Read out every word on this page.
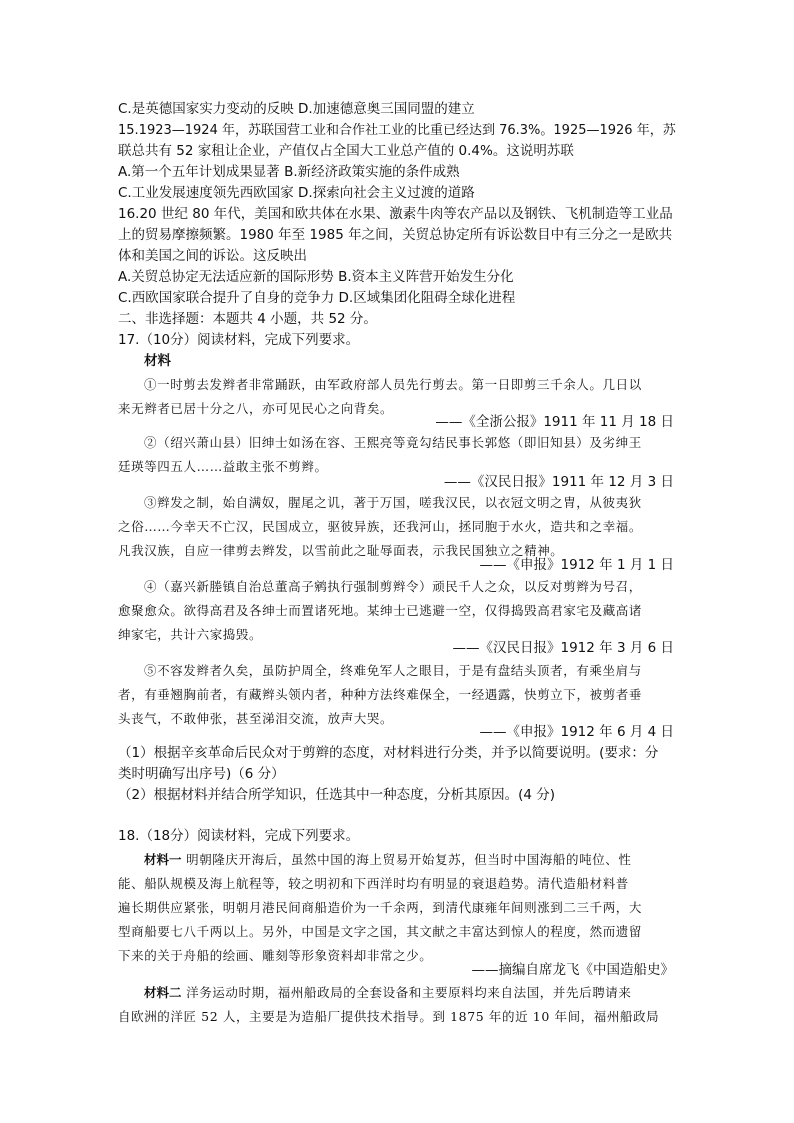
C.是英德国家实力变动的反映 D.加速德意奥三国同盟的建立
15.1923—1924 年，苏联国营工业和合作社工业的比重已经达到 76.3%。1925—1926 年，苏
联总共有 52 家租让企业，产值仅占全国大工业总产值的 0.4%。这说明苏联
A.第一个五年计划成果显著 B.新经济政策实施的条件成熟
C.工业发展速度领先西欧国家 D.探索向社会主义过渡的道路
16.20 世纪 80 年代，美国和欧共体在水果、激素牛肉等农产品以及钢铁、飞机制造等工业品
上的贸易摩擦频繁。1980 年至 1985 年之间，关贸总协定所有诉讼数目中有三分之一是欧共
体和美国之间的诉讼。这反映出
A.关贸总协定无法适应新的国际形势 B.资本主义阵营开始发生分化
C.西欧国家联合提升了自身的竞争力 D.区域集团化阻碍全球化进程
二、非选择题：本题共 4 小题，共 52 分。
17.（10分）阅读材料，完成下列要求。
材料
①一时剪去发辫者非常踊跃，由军政府部人员先行剪去。第一日即剪三千余人。几日以
来无辫者已居十分之八，亦可见民心之向背矣。
——《全浙公报》1911 年 11 月 18 日
②（绍兴萧山县）旧绅士如汤在容、王熙亮等竟勾结民事长郭悠（即旧知县）及劣绅王
廷瑛等四五人……益敢主张不剪辫。
——《汉民日报》1911 年 12 月 3 日
③辫发之制，始自满奴，腥尾之讥，著于万国，嗟我汉民，以衣冠文明之胄，从彼夷狄
之俗……今幸天不亡汉，民国成立，驱彼异族，还我河山，拯同胞于水火，造共和之幸福。
凡我汉族，自应一律剪去辫发，以雪前此之耻辱面表，示我民国独立之精神。
——《申报》1912 年 1 月 1 日
④（嘉兴新塍镇自治总董高子鹓执行强制剪辫令）顽民千人之众，以反对剪辫为号召，
愈聚愈众。欲得高君及各绅士而置诸死地。某绅士已逃避一空，仅得捣毁高君家宅及藏高诸
绅家宅，共计六家捣毁。
——《汉民日报》1912 年 3 月 6 日
⑤不容发辫者久矣，虽防护周全，终难免军人之眼目，于是有盘结头顶者，有乘坐肩与
者，有垂翘胸前者，有藏辫头领内者，种种方法终难保全，一经遇露，快剪立下，被剪者垂
头丧气，不敢伸张，甚至涕泪交流，放声大哭。
——《申报》1912 年 6 月 4 日
（1）根据辛亥革命后民众对于剪辫的态度，对材料进行分类，并予以简要说明。(要求：分
类时明确写出序号)（6 分）
（2）根据材料并结合所学知识，任选其中一种态度，分析其原因。(4 分)
18.（18分）阅读材料，完成下列要求。
材料一 明朝隆庆开海后，虽然中国的海上贸易开始复苏，但当时中国海船的吨位、性
能、船队规模及海上航程等，较之明初和下西洋时均有明显的衰退趋势。清代造船材料普
遍长期供应紧张，明朝月港民间商船造价为一千余两，到清代康雍年间则涨到二三千两，大
型商船要七八千两以上。另外，中国是文字之国，其文献之丰富达到惊人的程度，然而遗留
下来的关于舟船的绘画、雕刻等形象资料却非常之少。
——摘编自席龙飞《中国造船史》
材料二 洋务运动时期，福州船政局的全套设备和主要原料均来自法国，并先后聘请来
自欧洲的洋匠 52 人，主要是为造船厂提供技术指导。到 1875 年的近 10 年间，福州船政局
